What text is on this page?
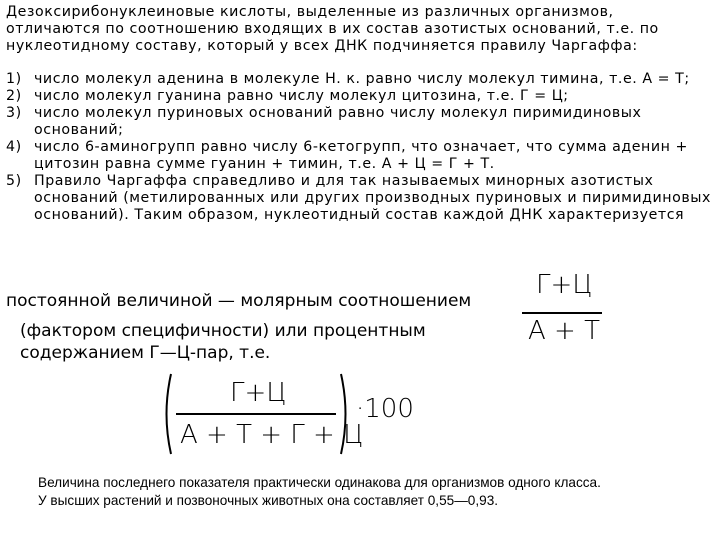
Дезоксирибонуклеиновые кислоты, выделенные из различных организмов, отличаются по соотношению входящих в их состав азотистых оснований, т.е. по нуклеотидному составу, который у всех ДНК подчиняется правилу Чаргаффа:
1) число молекул аденина в молекуле Н. к. равно числу молекул тимина, т.е. А = Т;
2) число молекул гуанина равно числу молекул цитозина, т.е. Г = Ц;
3) число молекул пуриновых оснований равно числу молекул пиримидиновых оснований;
4) число 6-аминогрупп равно числу 6-кетогрупп, что означает, что сумма аденин + цитозин равна сумме гуанин + тимин, т.е. А + Ц = Г + Т.
5) Правило Чаргаффа справедливо и для так называемых минорных азотистых оснований (метилированных или других производных пуриновых и пиримидиновых оснований). Таким образом, нуклеотидный состав каждой ДНК характеризуется
постоянной величиной — молярным соотношением
(фактором специфичности) или процентным
содержанием Г—Ц-пар, т.е.
Г+Ц
А + Т
Г+Ц
А + Т + Г + Ц
·100
Величина последнего показателя практически одинакова для организмов одного класса.
У высших растений и позвоночных животных она составляет 0,55—0,93.
